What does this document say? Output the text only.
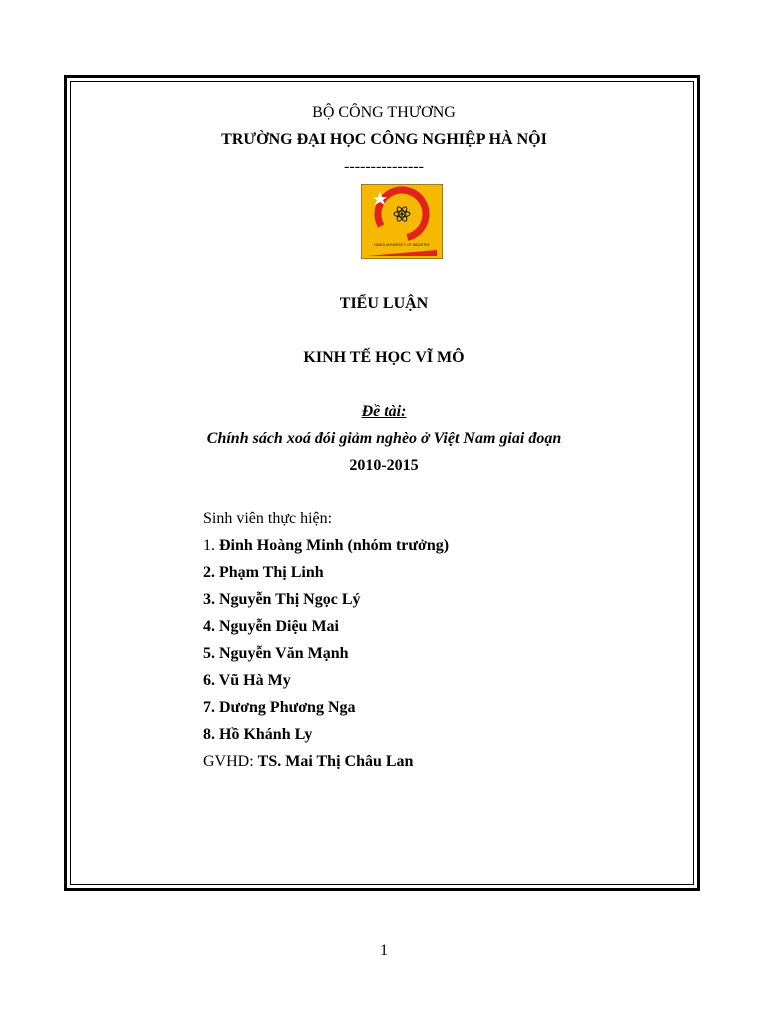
BỘ CÔNG THƯƠNG
TRƯỜNG ĐẠI HỌC CÔNG NGHIỆP HÀ NỘI
---------------
HANOI UNIVERSITY OF INDUSTRY
TIỂU LUẬN
KINH TẾ HỌC VĨ MÔ
Đề tài:
Chính sách xoá đói giảm nghèo ở Việt Nam giai đoạn
2010-2015
Sinh viên thực hiện:
1. Đinh Hoàng Minh (nhóm trưởng)
2. Phạm Thị Linh
3. Nguyễn Thị Ngọc Lý
4. Nguyễn Diệu Mai
5. Nguyễn Văn Mạnh
6. Vũ Hà My
7. Dương Phương Nga
8. Hồ Khánh Ly
GVHD: TS. Mai Thị Châu Lan
1
